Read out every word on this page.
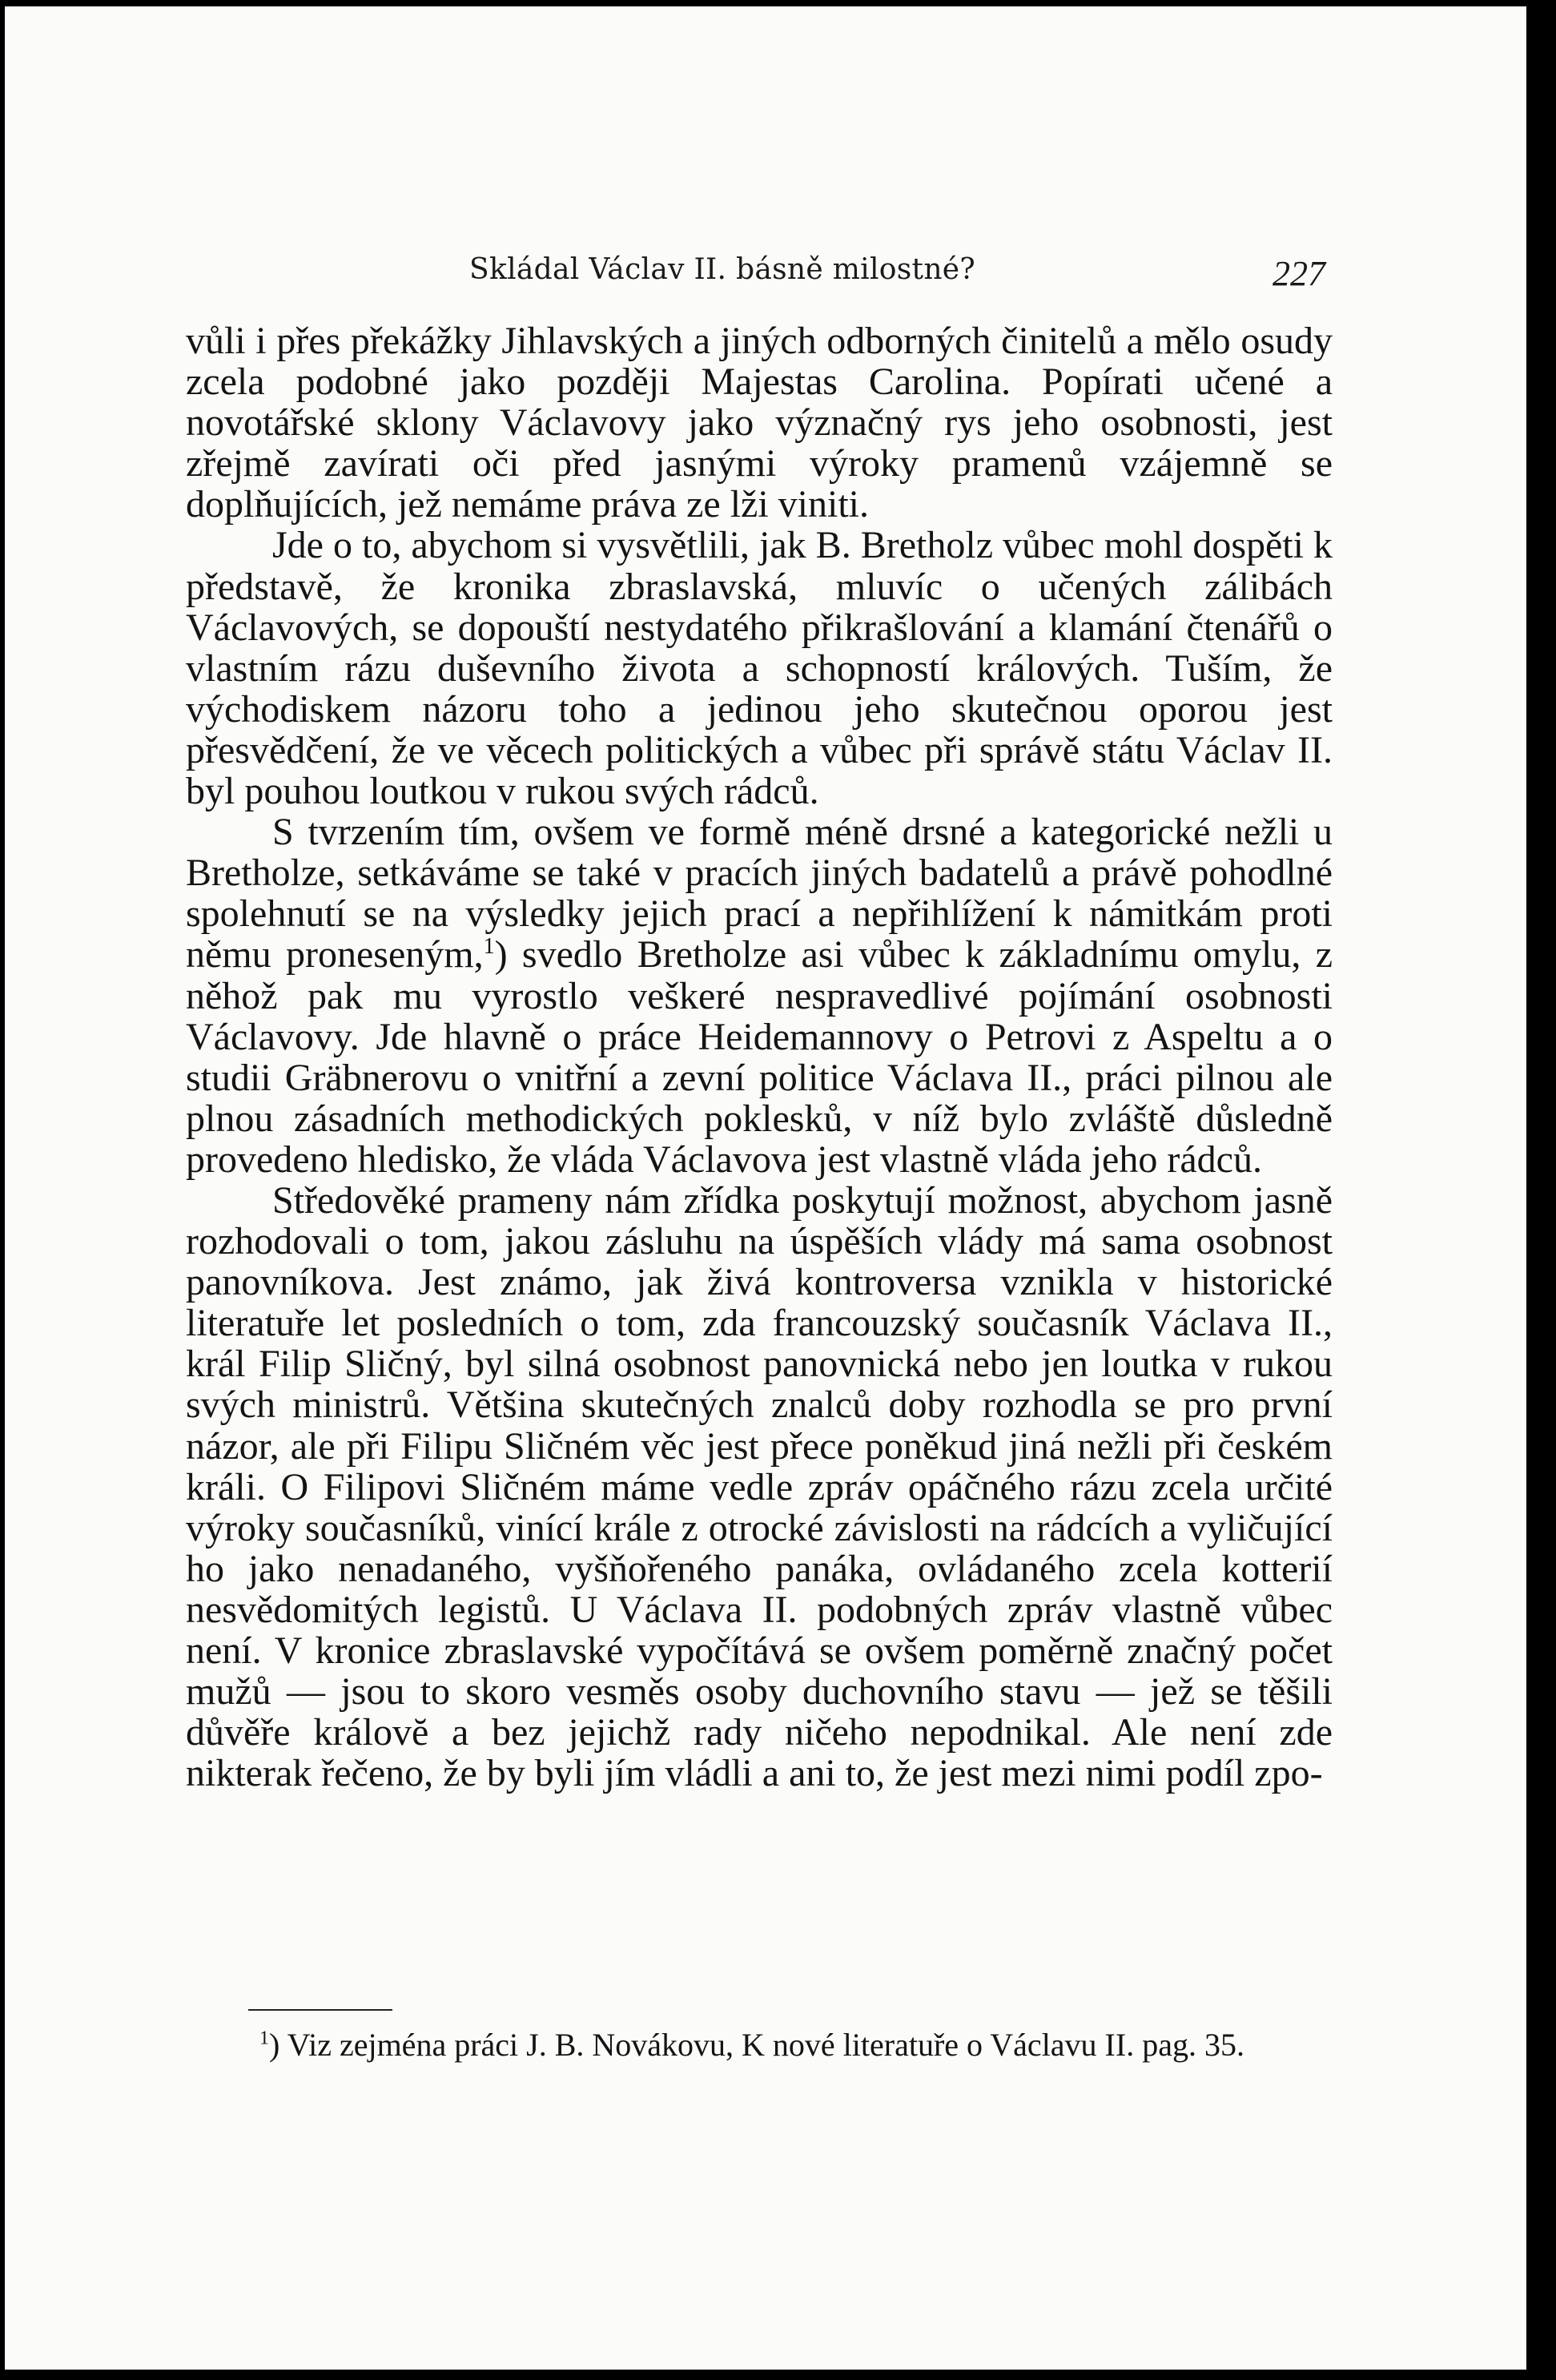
Skládal Václav II. básně milostné?	227

vůli i přes překážky Jihlavských a jiných odborných činitelů a mělo osudy zcela podobné jako později Majestas Carolina. Popírati učené a novotářské sklony Václavovy jako význačný rys jeho osobnosti, jest zřejmě zavírati oči před jasnými výroky pramenů vzájemně se doplňujících, jež nemáme práva ze lži viniti.

Jde o to, abychom si vysvětlili, jak B. Bretholz vůbec mohl dospěti k představě, že kronika zbraslavská, mluvíc o učených zálibách Václavových, se dopouští nestydatého přikrašlování a klamání čtenářů o vlastním rázu duševního života a schopností králových. Tuším, že východiskem názoru toho a jedinou jeho skutečnou oporou jest přesvědčení, že ve věcech politických a vůbec při správě státu Václav II. byl pouhou loutkou v rukou svých rádců.

S tvrzením tím, ovšem ve formě méně drsné a kategorické nežli u Bretholze, setkáváme se také v pracích jiných badatelů a právě pohodlné spolehnutí se na výsledky jejich prací a nepřihlížení k námitkám proti němu proneseným,$^1$) svedlo Bretholze asi vůbec k základnímu omylu, z něhož pak mu vyrostlo veškeré nespravedlivé pojímání osobnosti Václavovy. Jde hlavně o práce Heidemannovy o Petrovi z Aspeltu a o studii Gräbnerovu o vnitřní a zevní politice Václava II., práci pilnou ale plnou zásadních methodických poklesků, v níž bylo zvláště důsledně provedeno hledisko, že vláda Václavova jest vlastně vláda jeho rádců.

Středověké prameny nám zřídka poskytují možnost, abychom jasně rozhodovali o tom, jakou zásluhu na úspěších vlády má sama osobnost panovníkova. Jest známo, jak živá kontroversa vznikla v historické literatuře let posledních o tom, zda francouzský současník Václava II., král Filip Sličný, byl silná osobnost panovnická nebo jen loutka v rukou svých ministrů. Většina skutečných znalců doby rozhodla se pro první názor, ale při Filipu Sličném věc jest přece poněkud jiná nežli při českém králi. O Filipovi Sličném máme vedle zpráv opáčného rázu zcela určité výroky současníků, vinící krále z otrocké závislosti na rádcích a vyličující ho jako nenadaného, vyšňořeného panáka, ovládaného zcela kotterií nesvědomitých legistů. U Václava II. podobných zpráv vlastně vůbec není. V kronice zbraslavské vypočítává se ovšem poměrně značný počet mužů — jsou to skoro vesměs osoby duchovního stavu — jež se těšili důvěře královĕ a bez jejichž rady ničeho nepodnikal. Ale není zde nikterak řečeno, že by byli jím vládli a ani to, že jest mezi nimi podíl zpo-

$^1$) Viz zejména práci J. B. Novákovu, K nové literatuře o Václavu II. pag. 35.
